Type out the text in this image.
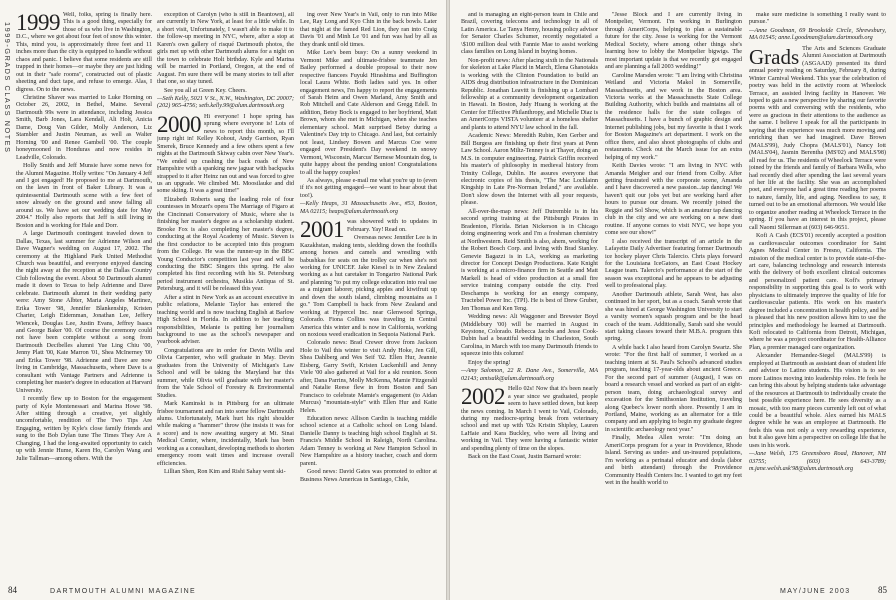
1999-GRADS CLASS NOTES 1999 Well, folks, spring is finally here. This is a good thing, especially for those of us who live in Washington, D.C., where we got about four feet of snow this winter. This, mind you, is approximately three feet and 11 inches more than the city is equipped to handle without chaos and panic. I believe that some residents are still trapped in their homes—or maybe they are just hiding out in their "safe rooms", constructed out of plastic sheeting and duct tape, and refuse to emerge. Alas, I digress. On to the news.

Christine Shaver was married to Luke Horning on October 26, 2002, in Bethel, Maine. Several Dartmouth 99s were in attendance, including Jessica Smith, Barb Jones, Lara Kendall, Ali Holt, Anicia Dame, Doug Van Gilder, Molly Anderson, Liz Stambler and Justin Neuman, as well as Walter Horning '00 and Renee Gambell '00. The couple honeymooned in Honduras and now resides in Leadville, Colorado.

Holly Smith and Jeff Munsie have some news for the Alumni Magazine. Holly writes: "On January 4 Jeff and I got engaged! He proposed to me at Dartmouth, on the lawn in front of Baker Library. It was a quintessential Dartmouth scene with a few feet of snow already on the ground and snow falling all around us. We have set our wedding date for May 2004." Holly also reports that Jeff is still living in Boston and is working for Hale and Dorr.

A large Dartmouth contingent traveled down to Dallas, Texas, last summer for Adrienne Wilson and Dave Wagner's wedding on August 17, 2002. The ceremony at the Highland Park United Methodist Church was beautiful, and everyone enjoyed dancing the night away at the reception at the Dallas Country Club following the event. About 50 Dartmouth alumni made it down to Texas to help Adrienne and Dave celebrate. Dartmouth alumni in their wedding party were: Amy Stone Albter, Maria Angeles Martinez, Erika Tower '98, Jennifer Blankenship, Kristen Charter, Leigh Eidemman, Jonathan Lee, Jeffery Wiencek, Douglas Lee, Justin Evans, Jeffrey Isaacs and George Baker '00. Of course the ceremony could not have been complete without a song from Dartmouth Decibelles alumni Yue Ling Chiu '00, Jenny Platt '00, Kate Marron '01, Shea McInerney '00 and Erika Tower '98. Adrienne and Dave are now living in Cambridge, Massachusetts, where Dave is a consultant with Vantage Partners and Adrienne is completing her master's degree in education at Harvard University.

I recently flew up to Boston for the engagement party of Kyle Montenessari and Marina Howe '98. After sitting through a creative, yet slightly uncomfortable, rendition of The Two Tips Are Engaging, written by Kyle's close family friends and sung to the Bob Dylan tune The Times They Are A Changing, I had the long-awaited opportunity to catch up with Jennie Hume, Karen Ho, Carolyn Wang and Julie Tallman—among others. With the

exception of Carolyn (who is still in Beantown), all are currently in New York, at least for a little while. In a short visit, Unfortunately, I wasn't able to make it to the follow-up meeting in NYC, where, after a stop at Karen's own gallery of risqué Dartmouth photos, the girls met up with other Dartmouth alums for a night on the town to celebrate Holt birthday. Kyle and Marina will be married in Portland, Oregon, at the end of August. I'm sure there will be many stories to tell after that one, so stay tuned.

See you all at Green Key. Cheers.

—Seth Kelly, 5021 V St., N.W., Washington, DC 20007; (202) 965-4756; seth.kelly.99@alum.dartmouth.org

2000 Hi everyone! I hope spring has sprung where everyone is! Lots of news to report this month, so I'll jump right in! Kelley Kohout, Andy Garrison, Ryan Smerek, Bruce Kennedy and a few others spent a few nights at the Dartmouth Skiway cabin over New Year's. "We ended up crashing the back roads of New Hampshire with a spanking new jaguar with backpacks strapped to it after Heinz ran out and was forced to give us an upgrade. We climbed Mt. Moosilauke and did some skiing. It was a great time!"

Elizabeth Roberts sang the leading role of four countesses in Mozart's opera The Marriage of Figaro at the Cincinnati Conservatory of Music, where she is finishing her master's degree as a scholarship student. Brooke Fox is also completing her master's degree, conducting at the Royal Academy of Music. Steven is the first conductor to be accepted into this program from the College. He was the runner-up in the BBC Young Conductor's competition last year and will be conducting the BBC Singers this spring. He also completed his first recording with his St. Petersburg period instrument orchestra, Musikia Antiqua of St. Petersburg, and it will be released this year.

After a stint in New York as an account executive in public relations, Melanie Taylor has entered the teaching world and is now teaching English at Barlow High School in Florida. In addition to her teaching responsibilities, Melanie is putting her journalism background to use as the school's newspaper and yearbook adviser.

Congratulations are in order for Devin Willis and Olivia Carpenter, who will graduate in May. Devin graduates from the University of Michigan's Law School and will be taking the Maryland bar this summer, while Olivia will graduate with her master's from the Yale School of Forestry & Environmental Studies.

Mark Kaminski is in Pittsburg for an ultimate frisbee tournament and ran into some fellow Dartmouth alums. Unfortunately, Mark hurt his right shoulder while making a "hammer" throw (the insists it was for a score) and is now awaiting surgery at Mt. Sinai Medical Center, where, incidentally, Mark has been working as a consultant, developing methods to shorten emergency room wait times and increase overall efficiencies.

Lillian Shen, Ron Kim and Rishi Sahay went ski-

ing over New Year's in Vail, only to run into Mike Lee, Ray Long and Kyo Chin in the back bowls. Later that night at the famed Red Lion, they ran into Craig Davis '01 and Minh Le '01 and fun was had by all as they drank until old times.

Mike Lee's been busy: On a sunny weekend in Vermont Mike and ultimate-frisbee teammate Jen Bailey performed a double proposal to their now respective fiancees Fuyuki Hirashima and Buffington local Laura White. Both ladies said yes. In other engagement news, I'm happy to report the engagements of Sarah Heim and Owen Marland, Amy Smith and Rob Mitchell and Cate Alderson and Gregg Edell. In addition, Betsy Bock is engaged to her boyfriend, Matt Brown, whom she met in Michigan, when she teaches elementary school. Matt surprised Betsy during a Valentine's Day trip to Chicago. And last, but certainly not least, Lindsey Bowen and Marcus Coe were engaged over President's Day weekend in snowy Vermont, Wisconsin, Marcus' Bernese Mountain dog, is quite happy about the pending union! Congratulations to all the happy couples!

As always, please e-mail me what you're up to (even if it's not getting engaged—we want to hear about that too!).

—Kelly Heaps, 31 Massachusetts Ave., #53, Boston, MA 02115; heaps@alum.dartmouth.org

2001 was showered with to updates in February. Yay! Read on.

Overseas news: Jennifer Lee is in Kazakhstan, making tents, sledding down the foothills among horses and camels and wrestling with babushkas for seats on the trolley car when she's not working for UNICEF. Jake Kiesel is in New Zealand working as a hut caretaker in Tongariro National Park and planning "to put my college education into real use as a migrant laborer, picking apples and kiwifruit up and down the south island, climbing mountains as I go." Tom Campbell is back from New Zealand and working at Hypercel Inc. near Glenwood Springs, Colorado. Fiona Collins was traveling in Central America this winter and is now in California, working on noxious weed eradication in Sequoia National Park.

Colorado news: Brad Crewer drove from Jackson Hole to Vail this winter to visit Andy Hoke, Jen Gill, Shea Dahlberg and Wes Seif '02. Ellen Hur, Jeannie Eisberg, Garry Swift, Kristen Luckenhill and Jenny Viele '00 also gathered at Vail for a ski reunion. Soon after, Dana Parrins, Molly McKenna, Mamie Fitzgerald and Natalie Reese flew in from Boston and San Francisco to celebrate Mamie's engagement (to Aidan Murcus) "mountain-style" with Ellen Hur and Katie Helen.

Education news: Allison Cardin is teaching middle school science at a Catholic school on Long Island. Danielle Danny is teaching high school English at St. Francis's Middle School in Raleigh, North Carolina. Adam Tenney is working at New Hampton School in New Hampshire as a history teacher, coach and dorm parent.

Good news: David Gates was promoted to editor at Business News Americas in Santiago, Chile,

84	DARTMOUTH ALUMNI MAGAZINE

and is managing an eight-person team in Chile and Brazil, covering telecoms and technology in all of Latin America. Le Tanya Hemy, housing policy advisor for Senator Charles Schumer, recently negotiated a \$100 million deal with Fannie Mae to assist working class families on Long Island in buying homes.

Non-profit news: After placing sixth in the Nationals for skeleton at Lake Placid in March, Elena Ghanotakis is working with the Clinton Foundation to build an AIDS drug distribution infrastructure in the Dominican Republic. Jonathan Leavitt is finishing up a Lombard fellowship at a community development organization in Hawaii. In Boston, Judy Huang is working at the Center for Effective Philanthropy, and Michelle Diaz is an AmeriCorps VISTA volunteer at a homeless shelter and plants to attend NYU law school in the fall.

Academic News: Meredith Rubin, Ken Gerber and Bill Burgess are finishing up their first years at Penn Law School. Aaron Miltz-Tenney is at Thayer, doing an M.S. in computer engineering. Patrick Griffin received his master's of philosophy in medieval history from Trinity College, Dublin. He assures everyone that electronic copies of his thesis, "The Mac Lochlainn Kingship in Late Pre-Norman Ireland," are available. Don't slow down the Internet with all your requests, please.

All-over-the-map news: Jeff Dutremble is in his second spring training at the Pittsburgh Pirates in Bradenton, Florida. Brian Nickerson is in Chicago doing engineering work and I'm a freshman chemistry at Northwestern. Reid Smith is also, ahem, working for the Robert Bosch Corp. and living with Brad Stanley. Genevie Bagazzi is in LA, working as marketing director for Concept Design Productions. Kate Knight is working at a micro-finance firm in Seattle and Matt Markell is head of video production at a small fire service training company outside the city. Fred Deschamps is working for an energy company, Tractebel Power Inc. (TPI). He is best of Drew Gruber, Jen Thomas and Ken Teng.

Wedding news: Ali Waggoner and Brewster Boyd (Middlebury '00) will be married in August in Keystone, Colorado. Rebecca Jacobs and Jesse Cook-Dubin had a beautiful wedding in Charleston, South Carolina, in March with too many Dartmouth friends to squeeze into this column!

Enjoy the spring!

—Amy Salomon, 22 R. Dane Ave., Somerville, MA 02143; amisalk@alum.dartmouth.org

2002 Hello 02s! Now that it's been nearly a year since we graduated, people seem to have settled down, but keep the news coming. In March I went to Vail, Colorado, during my mediocre-spring break from veterinary school and met up with '02s Kristin Shipley, Lauren LaHaie and Kara Buckley, who were all living and working in Vail. They were having a fantastic winter and spending plenty of time on the slopes.

Back on the East Coast, Justin Barnard wrote:

"Jesse Block and I are currently living in Montpelier, Vermont. I'm working in Burlington through AmeriCorps, helping to plan a sustainable future for the city. Jesse is working for the Vermont Medical Society, where among other things she's learning how to lobby the Montpelier bigwigs. The most important update is that we recently got engaged and are planning a fall 2003 wedding!"

Caroline Marsden wrote: "I am living with Christina Weiland and Victoria Makol in Somerville, Massachusetts, and we work in the Boston area. Victoria works at the Massachusetts State College Building Authority, which builds and maintains all of the residence halls for the state colleges of Massachusetts. I have a bunch of graphic design and Internet publishing jobs, but my favorite is that I work for Boston Magazine's art department. I work on the office there, and also shoot photographs of clubs and restaurants. Check out the March issue for an extra helping of my work."

Keith Davies wrote: "I am living in NYC with Amanda Meigher and our friend from Colby. After getting frustrated with the corporate scene, Amanda and I have discovered a new passion...tap dancing! We haven't quit our jobs yet but are working hard after hours to pursue our dream. We recently joined the Reggie and Sol Show, which is an amateur tap dancing club in the city and we are working on a new duet routine. If anyone comes to visit NYC, we hope you come see our show!"

I also received the transcript of an article in the Lafayette Daily Advertiser featuring former Dartmouth ice hockey player Chris Talercio. Chris plays forward for the Louisiana IceGators, an East Coast Hockey League team. Talercio's performance at the start of the season was exceptional and he appears to be adjusting well to professional play.

Another Dartmouth athlete, Sarah West, has also continued in her sport, but as a coach. Sarah wrote that she was hired at George Washington University to start a varsity women's squash program and be the head coach of the team. Additionally, Sarah said she would start taking classes toward their M.B.A. program this spring.

A while back I also heard from Carolyn Swartz. She wrote: "For the first half of summer, I worked as a teaching intern at St. Paul's School's advanced studies program, teaching 17-year-olds about ancient Greece. For the second part of summer (August), I was on board a research vessel and worked as part of an eight-person team, doing archaeological survey and excavation for the Smithsonian Institution, traveling along Quebec's lower north shore. Presently I am in Portland, Maine, working as an alternator for a title company and am applying to begin my graduate degree in scientific archaeology next year."

Finally, Medea Allen wrote: "I'm doing an AmeriCorps program for a year in Providence, Rhode Island. Serving as under- and un-insured populations, I'm working as a perinatal educator and doula (labor and birth attendant) through the Providence Community Health Centers Inc. I wanted to get my feet wet in the health world to

make sure medicine is something I really want to pursue."

—Anne Goodman, 69 Brookside Circle, Shrewsbury, MA 01545; anne.l.goodman@alum.dartmouth.org

Grads The Arts and Sciences Graduate Alumni Association at Dartmouth (ASGAAD) presented its third annual poetry reading on Saturday, February 8, during Winter Carnival Weekend. This year the celebration of poetry was held in the activity room at Wheelock Terrace, an assisted living facility in Hanover. We hoped to gain a new perspective by sharing our favorite poems with and conversing with the residents, who were as gracious in their attentions to the audience as the same. I believe I speak for all the participants in saying that the experience was much more moving and enriching than we had imagined. Dave Brown (MALS'99), Judy Chopra (MALS'01), Nancy Iott (MALS'04), Jasmin Berentha (MS'02) and MALS'98) all read for us. The residents of Wheelock Terrace were joined by the friends and family of Barbara Wells, who had recently died after spending the last several years of her life at the facility. She was an accomplished poet, and everyone had a great time reading her poems to nature, family, life, and aging. Needless to say, it turned out to be an emotional afternoon. We would like to organize another reading at Wheelock Terrace in the spring. If you have an interest in this project, please call Naomi Sillerman at (603) 646-9651.

Kofi A Cash (ECS'01) recently accepted a position as cardiovascular outcomes coordinator for Saint Agnes Medical Center in Fresno, California. The mission of the medical center is to provide state-of-the-art care, balancing technology and research interests with the delivery of both excellent clinical outcomes and personalized patient care. Kofi's primary responsibility in supporting this goal is to work with physicians to ultimately improve the quality of life for cardiovascular patients. His work on his master's degree included a concentration in health policy, and he is pleased that his new position allows him to use the principles and methodology he learned at Dartmouth. Kofi relocated to California from Detroit, Michigan, where he was a project coordinator for Health-Alliance Plan, a premier managed care organization.

Alexander Hemandez-Siegel (MALS'99) is employed at Dartmouth as assistant dean of student life and advisor to Latino students. His vision is to see more Latinos moving into leadership roles. He feels he can bring this about by helping students take advantage of the resources at Dartmouth to individually create the best possible experience here. He sees diversity as a mosaic, with too many pieces currently left out of what could be a beautiful whole. Alex earned his MALS degree while he was an employee at Dartmouth. He feels this was not only a very rewarding experience, but it also gave him a perspective on college life that he uses in his work.

—Jane Welsh, 175 Greensboro Road, Hanover, NH 03755; (603) 643-3789; m.jane.welsh.ask'98@alum.dartmouth.org

MAY/JUNE 2003	85
